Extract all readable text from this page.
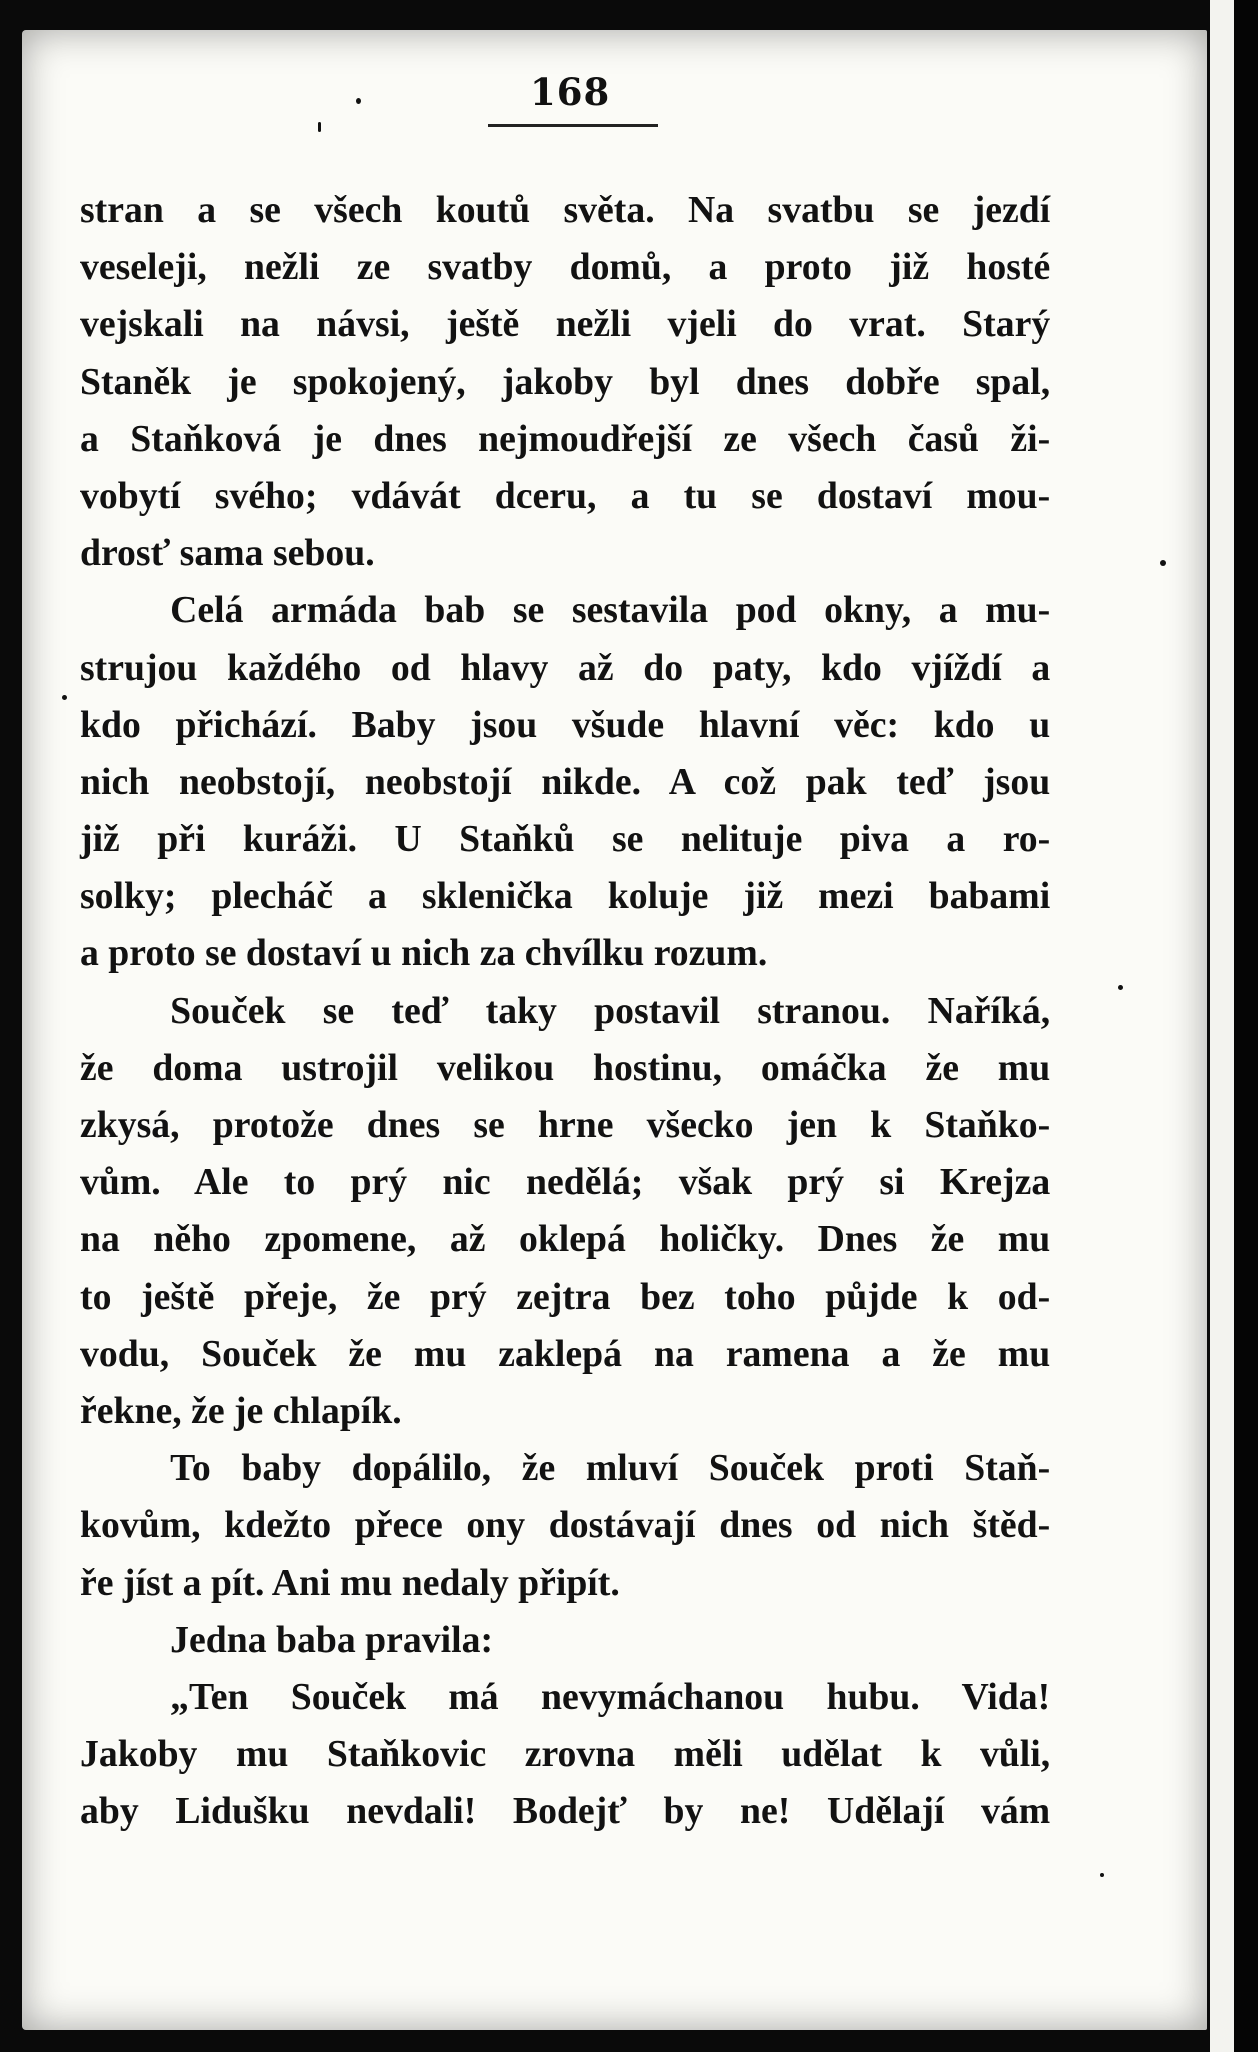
168
stran a se všech koutů světa. Na svatbu se jezdí
veseleji, nežli ze svatby domů, a proto již hosté
vejskali na návsi, ještě nežli vjeli do vrat. Starý
Staněk je spokojený, jakoby byl dnes dobře spal,
a Staňková je dnes nejmoudřejší ze všech časů ži-
vobytí svého; vdávát dceru, a tu se dostaví mou-
drosť sama sebou.
Celá armáda bab se sestavila pod okny, a mu-
strujou každého od hlavy až do paty, kdo vjíždí a
kdo přichází. Baby jsou všude hlavní věc: kdo u
nich neobstojí, neobstojí nikde. A což pak teď jsou
již při kuráži. U Staňků se nelituje piva a ro-
solky; plecháč a sklenička koluje již mezi babami
a proto se dostaví u nich za chvílku rozum.
Souček se teď taky postavil stranou. Naříká,
že doma ustrojil velikou hostinu, omáčka že mu
zkysá, protože dnes se hrne všecko jen k Staňko-
vům. Ale to prý nic nedělá; však prý si Krejza
na něho zpomene, až oklepá holičky. Dnes že mu
to ještě přeje, že prý zejtra bez toho půjde k od-
vodu, Souček že mu zaklepá na ramena a že mu
řekne, že je chlapík.
To baby dopálilo, že mluví Souček proti Staň-
kovům, kdežto přece ony dostávají dnes od nich štěd-
ře jíst a pít. Ani mu nedaly připít.
Jedna baba pravila:
„Ten Souček má nevymáchanou hubu. Vida!
Jakoby mu Staňkovic zrovna měli udělat k vůli,
aby Lidušku nevdali! Bodejť by ne! Udělají vám
